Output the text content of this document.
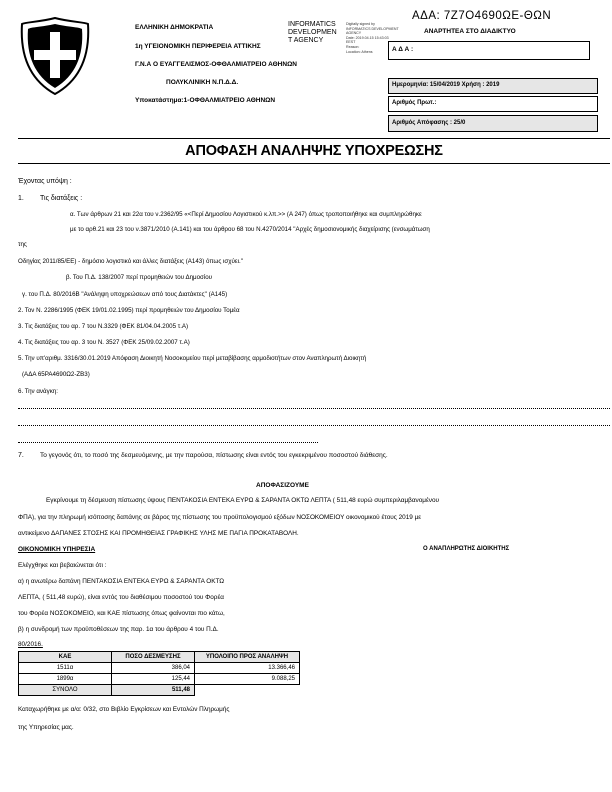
ΑΔΑ: 7Ζ7Ο4690ΩΕ-ΘΩΝ
ΕΛΛΗΝΙΚΗ ΔΗΜΟΚΡΑΤΙΑ
1η ΥΓΕΙΟΝΟΜΙΚΗ ΠΕΡΙΦΕΡΕΙΑ ΑΤΤΙΚΗΣ
Γ.Ν.Α Ο ΕΥΑΓΓΕΛΙΣΜΟΣ-ΟΦΘΑΛΜΙΑΤΡΕΙΟ ΑΘΗΝΩΝ
ΠΟΛΥΚΛΙΝΙΚΗ Ν.Π.Δ.Δ.
Υποκατάστημα:1-ΟΦΘΑΛΜΙΑΤΡΕΙΟ ΑΘΗΝΩΝ
INFORMATICS
DEVELOPMEN
T AGENCY
Digitally signed by
INFORMATICS DEVELOPMENT
AGENCY
Date: 2019.04.15 15:43:03
EEST
Reason:
Location: Athens
ΑΝΑΡΤΗΤΕΑ ΣΤΟ ΔΙΑΔΙΚΤΥΟ
Α Δ Α :
Ημερομηνία: 15/04/2019 Χρήση : 2019
Αριθμός Πρωτ.:
Αριθμός Απόφασης : 25/0
ΑΠΟΦΑΣΗ ΑΝΑΛΗΨΗΣ ΥΠΟΧΡΕΩΣΗΣ
Έχοντας υπόψη :
1. Τις διατάξεις :
α. Των άρθρων 21 και 22α του ν.2362/95 «<Περί Δημοσίου Λογιστικού κ.λπ.>> (Α 247) όπως τροποποιήθηκε και συμπληρώθηκε
με το αρθ.21 και 23 του ν.3871/2010 (Α.141) και του άρθρου 68 του Ν.4270/2014 "Αρχές δημοσιονομικής διαχείρισης (ενσωμάτωση
της
Οδηγίας 2011/85/ΕΕ) - δημόσιο λογιστικό και άλλες διατάξεις (Α143) όπως ισχύει."
β. Του Π.Δ. 138/2007 περί προμηθειών του Δημοσίου
γ. του Π.Δ. 80/2016Β "Ανάληψη υποχρεώσεων από τους Διατάκτες" (Α145)
2. Τον Ν. 2286/1995 (ΦΕΚ 19/01.02.1995) περί προμηθειών του Δημοσίου Τομέα
3. Τις διατάξεις του αρ. 7 του Ν.3329 (ΦΕΚ 81/04.04.2005 τ.Α)
4. Τις διατάξεις του αρ. 3 του Ν. 3527 (ΦΕΚ 25/09.02.2007 τ.Α)
5. Την υπ'αριθμ. 3316/30.01.2019 Απόφαση Διοικητή Νοσοκομείου περί μεταβίβασης αρμοδιοτήτων στον Αναπληρωτή Διοικητή
(ΑΔΑ 65ΡΑ4690Ω2-ΖΒ3)
6. Την ανάγκη:
7. Το γεγονός ότι, το ποσό της δεσμευόμενης, με την παρούσα, πίστωσης είναι εντός του εγκεκριμένου ποσοστού διάθεσης.
ΑΠΟΦΑΣΙΖΟΥΜΕ
Εγκρίνουμε τη δέσμευση πίστωσης ύψους ΠΕΝΤΑΚΟΣΙΑ ΕΝΤΕΚΑ ΕΥΡΩ & ΣΑΡΑΝΤΑ ΟΚΤΩ ΛΕΠΤΑ ( 511,48 ευρώ συμπεριλαμβανομένου
ΦΠΑ), για την πληρωμή ισόποσης δαπάνης σε βάρος της πίστωσης του προϋπολογισμού εξόδων ΝΟΣΟΚΟΜΕΙΟΥ οικονομικού έτους 2019 με
αντικείμενο ΔΑΠΑΝΕΣ ΣΤΟΣΗΣ ΚΑΙ ΠΡΟΜΗΘΕΙΑΣ ΓΡΑΦΙΚΗΣ ΥΛΗΣ ΜΕ ΠΑΓΙΑ ΠΡΟΚΑΤΑΒΟΛΗ.
ΟΙΚΟΝΟΜΙΚΗ ΥΠΗΡΕΣΙΑ	Ο ΑΝΑΠΛΗΡΩΤΗΣ ΔΙΟΙΚΗΤΗΣ
Ελέγχθηκε και βεβαιώνεται ότι :
α) η ανωτέρω δαπάνη ΠΕΝΤΑΚΟΣΙΑ ΕΝΤΕΚΑ ΕΥΡΩ & ΣΑΡΑΝΤΑ ΟΚΤΩ
ΛΕΠΤΑ, ( 511,48 ευρώ), είναι εντός του διαθέσιμου ποσοστού του Φορέα
του Φορέα ΝΟΣΟΚΟΜΕΙΟ, και ΚΑΕ πίστωσης όπως φαίνονται πιο κάτω,
β) η συνδρομή των προϋποθέσεων της παρ. 1α του άρθρου 4 του Π.Δ.
80/2016.
ΚΑΕ	ΠΟΣΟ ΔΕΣΜΕΥΣΗΣ	ΥΠΟΛΟΙΠΟ ΠΡΟΣ ΑΝΑΛΗΨΗ
1511α	386,04	13.366,46
1899α	125,44	9.088,25
ΣΥΝΟΛΟ	511,48	
Καταχωρήθηκε με α/α: 0/32, στο Βιβλίο Εγκρίσεων και Εντολών Πληρωμής
της Υπηρεσίας μας.
